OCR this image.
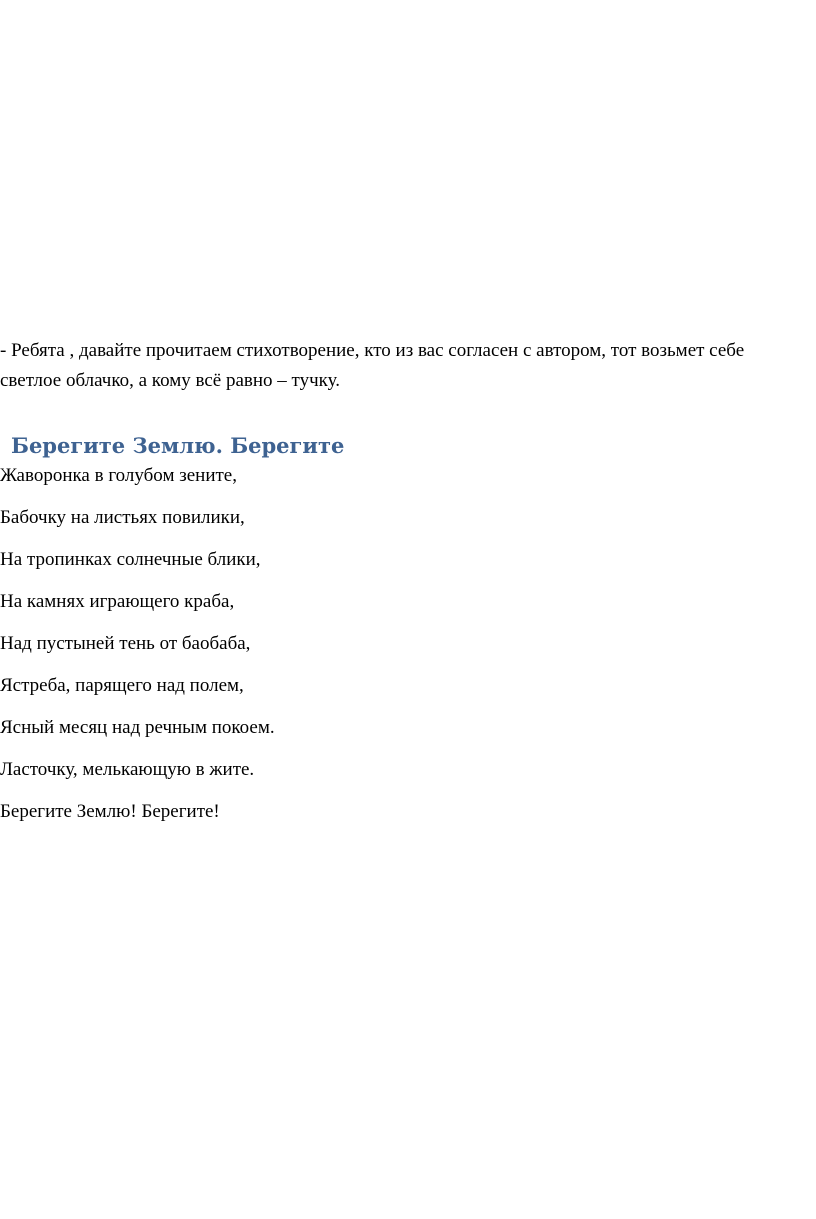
- Ребята , давайте прочитаем стихотворение, кто из вас согласен с автором, тот возьмет себе светлое облачко, а кому всё равно – тучку.

Берегите Землю. Берегите
Жаворонка в голубом зените,
Бабочку на листьях повилики,
На тропинках солнечные блики,
На камнях играющего краба,
Над пустыней тень от баобаба,
Ястреба, парящего над полем,
Ясный месяц над речным покоем.
Ласточку, мелькающую в жите.
Берегите Землю! Берегите!
